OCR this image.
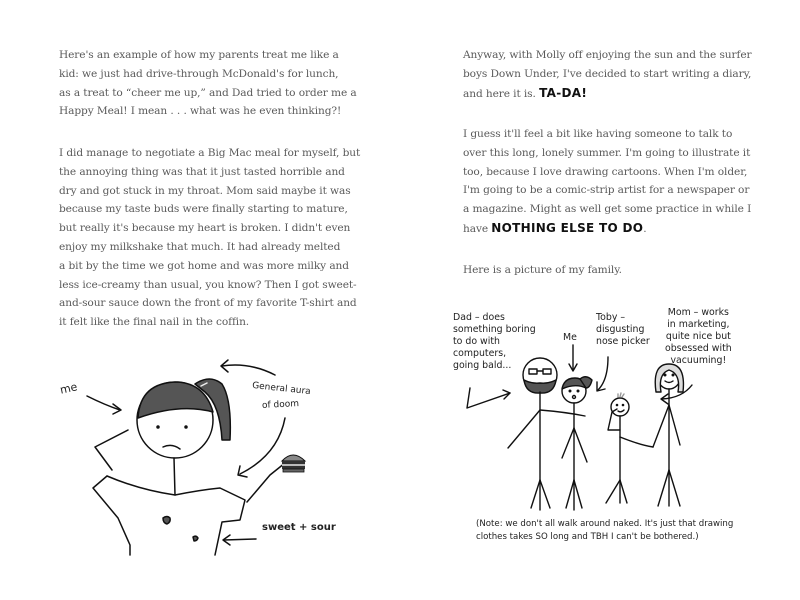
Here's an example of how my parents treat me like a
kid: we just had drive-through McDonald's for lunch,
as a treat to “cheer me up,” and Dad tried to order me a
Happy Meal! I mean . . . what was he even thinking?!

I did manage to negotiate a Big Mac meal for myself, but
the annoying thing was that it just tasted horrible and
dry and got stuck in my throat. Mom said maybe it was
because my taste buds were finally starting to mature,
but really it's because my heart is broken. I didn't even
enjoy my milkshake that much. It had already melted
a bit by the time we got home and was more milky and
less ice-creamy than usual, you know? Then I got sweet-
and-sour sauce down the front of my favorite T-shirt and
it felt like the final nail in the coffin.

me	General aura
of doom
sweet + sour

Anyway, with Molly off enjoying the sun and the surfer
boys Down Under, I've decided to start writing a diary,
and here it is. TA-DA!

I guess it'll feel a bit like having someone to talk to
over this long, lonely summer. I'm going to illustrate it
too, because I love drawing cartoons. When I'm older,
I'm going to be a comic-strip artist for a newspaper or
a magazine. Might as well get some practice in while I
have NOTHING ELSE TO DO.

Here is a picture of my family.

Dad – does
something boring
to do with
computers,
going bald...
Me
Toby –
disgusting
nose picker
Mom – works
in marketing,
quite nice but
obsessed with
vacuuming!
(Note: we don't all walk around naked. It's just that drawing
clothes takes SO long and TBH I can't be bothered.)
